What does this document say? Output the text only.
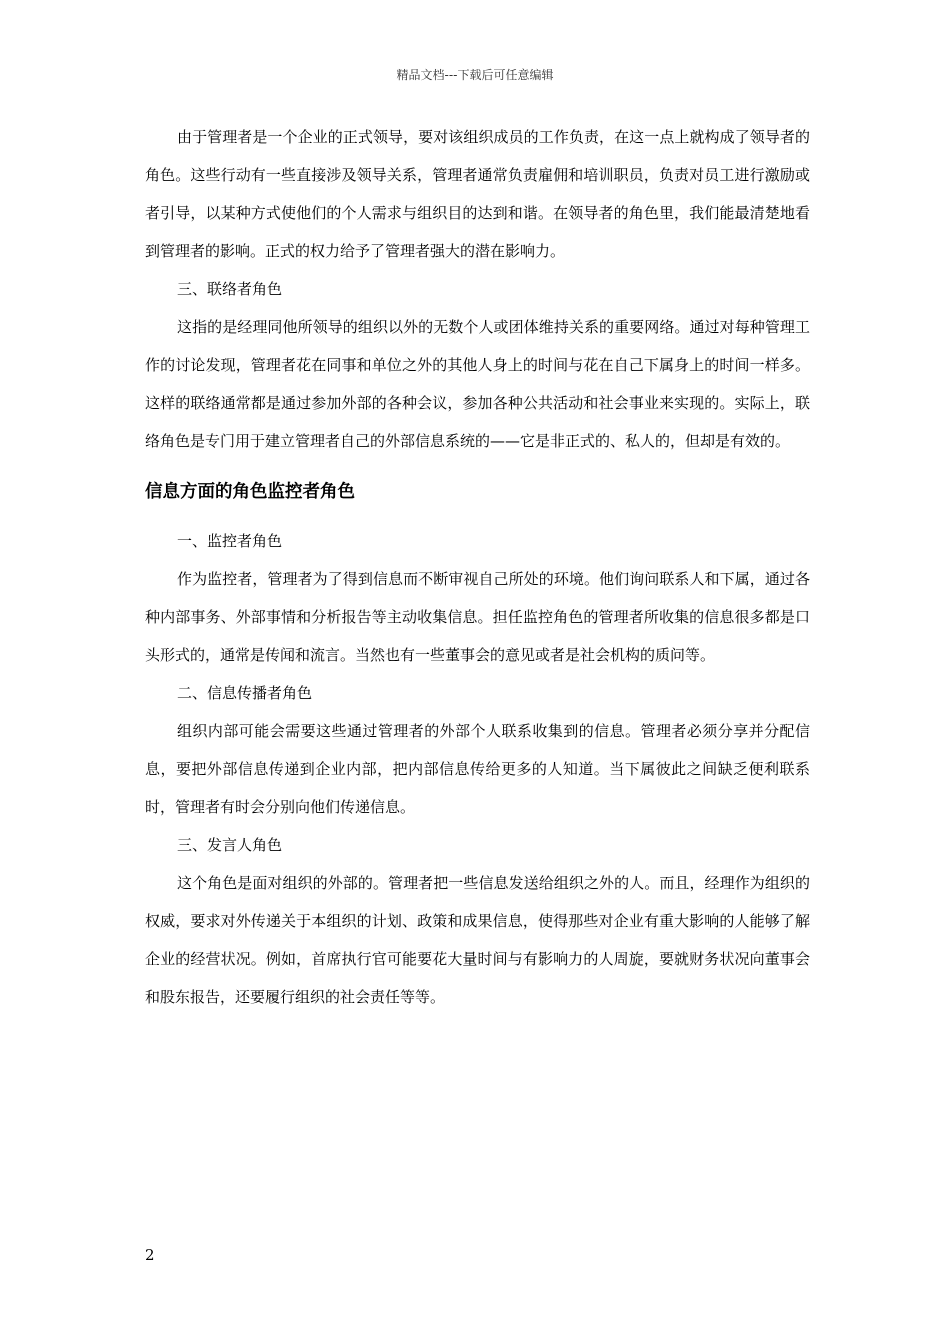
精品文档---下载后可任意编辑

由于管理者是一个企业的正式领导，要对该组织成员的工作负责，在这一点上就构成了领导者的角色。这些行动有一些直接涉及领导关系，管理者通常负责雇佣和培训职员，负责对员工进行激励或者引导，以某种方式使他们的个人需求与组织目的达到和谐。在领导者的角色里，我们能最清楚地看到管理者的影响。正式的权力给予了管理者强大的潜在影响力。

三、联络者角色

这指的是经理同他所领导的组织以外的无数个人或团体维持关系的重要网络。通过对每种管理工作的讨论发现，管理者花在同事和单位之外的其他人身上的时间与花在自己下属身上的时间一样多。这样的联络通常都是通过参加外部的各种会议，参加各种公共活动和社会事业来实现的。实际上，联络角色是专门用于建立管理者自己的外部信息系统的——它是非正式的、私人的，但却是有效的。

信息方面的角色监控者角色

一、监控者角色

作为监控者，管理者为了得到信息而不断审视自己所处的环境。他们询问联系人和下属，通过各种内部事务、外部事情和分析报告等主动收集信息。担任监控角色的管理者所收集的信息很多都是口头形式的，通常是传闻和流言。当然也有一些董事会的意见或者是社会机构的质问等。

二、信息传播者角色

组织内部可能会需要这些通过管理者的外部个人联系收集到的信息。管理者必须分享并分配信息，要把外部信息传递到企业内部，把内部信息传给更多的人知道。当下属彼此之间缺乏便利联系时，管理者有时会分别向他们传递信息。

三、发言人角色

这个角色是面对组织的外部的。管理者把一些信息发送给组织之外的人。而且，经理作为组织的权威，要求对外传递关于本组织的计划、政策和成果信息，使得那些对企业有重大影响的人能够了解企业的经营状况。例如，首席执行官可能要花大量时间与有影响力的人周旋，要就财务状况向董事会和股东报告，还要履行组织的社会责任等等。

2
